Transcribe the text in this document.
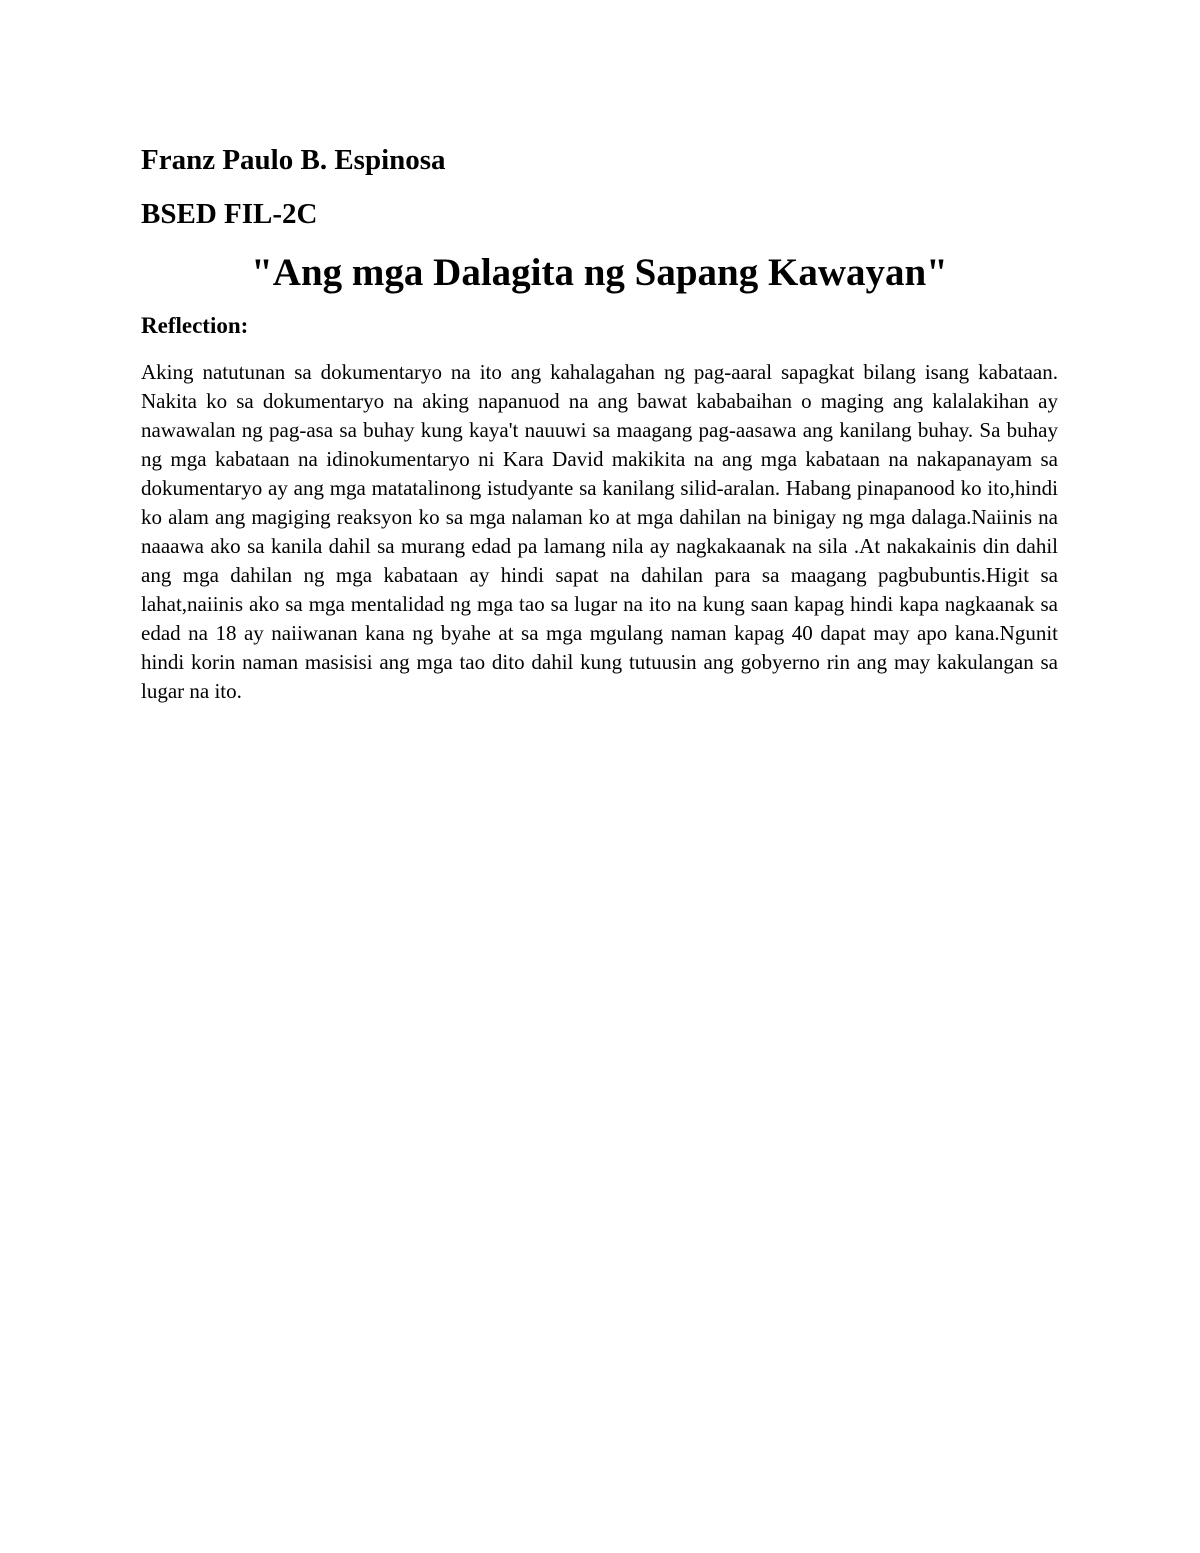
Franz Paulo B. Espinosa

BSED FIL-2C

"Ang mga Dalagita ng Sapang Kawayan"

Reflection:

Aking natutunan sa dokumentaryo na ito ang kahalagahan ng pag-aaral sapagkat bilang isang kabataan. Nakita ko sa dokumentaryo na aking napanuod na ang bawat kababaihan o maging ang kalalakihan ay nawawalan ng pag-asa sa buhay kung kaya't nauuwi sa maagang pag-aasawa ang kanilang buhay. Sa buhay ng mga kabataan na idinokumentaryo ni Kara David makikita na ang mga kabataan na nakapanayam sa dokumentaryo ay ang mga matatalinong istudyante sa kanilang silid-aralan. Habang pinapanood ko ito,hindi ko alam ang magiging reaksyon ko sa mga nalaman ko at mga dahilan na binigay ng mga dalaga.Naiinis na naaawa ako sa kanila dahil sa murang edad pa lamang nila ay nagkakaanak na sila .At nakakainis din dahil ang mga dahilan ng mga kabataan ay hindi sapat na dahilan para sa maagang pagbubuntis.Higit sa lahat,naiinis ako sa mga mentalidad ng mga tao sa lugar na ito na kung saan kapag hindi kapa nagkaanak sa edad na 18 ay naiiwanan kana ng byahe at sa mga mgulang naman kapag 40 dapat may apo kana.Ngunit hindi korin naman masisisi ang mga tao dito dahil kung tutuusin ang gobyerno rin ang may kakulangan sa lugar na ito.
